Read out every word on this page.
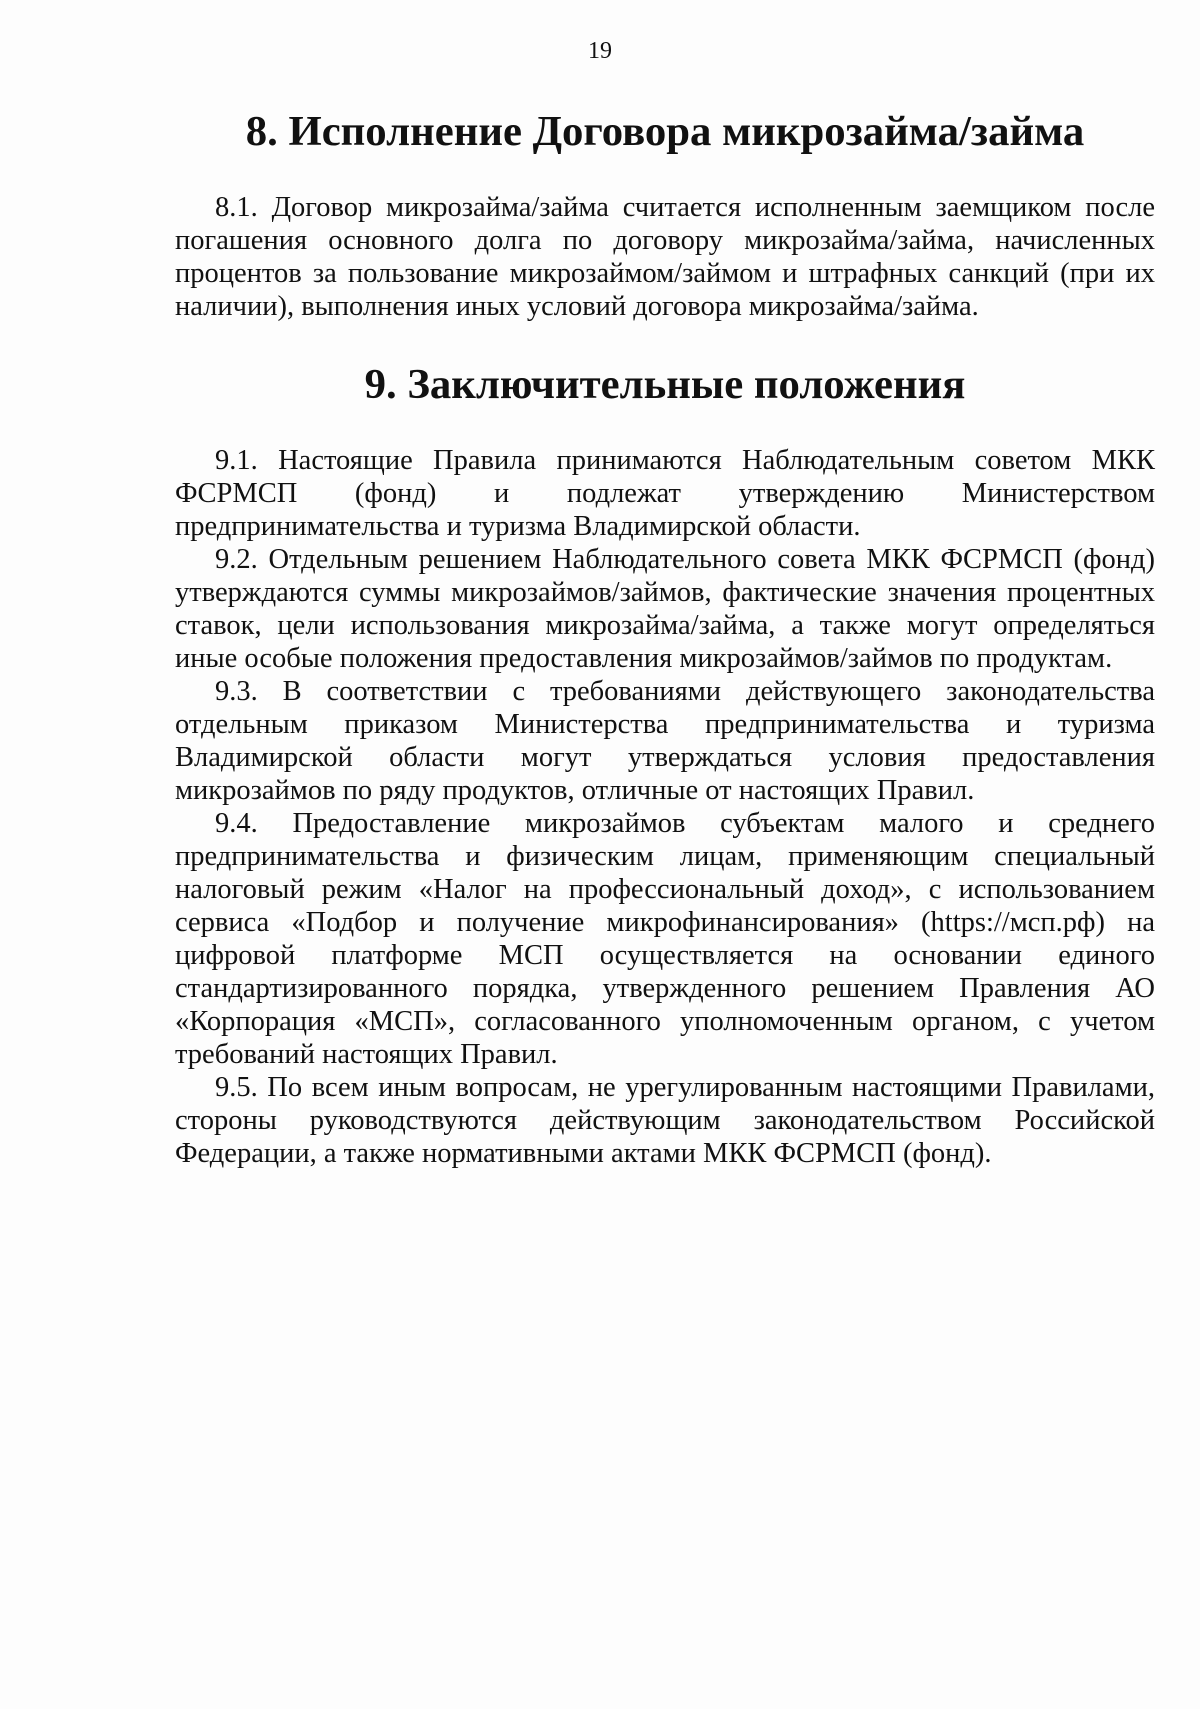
19
8. Исполнение Договора микрозайма/займа

8.1. Договор микрозайма/займа считается исполненным заемщиком после погашения основного долга по договору микрозайма/займа, начисленных процентов за пользование микрозаймом/займом и штрафных санкций (при их наличии), выполнения иных условий договора микрозайма/займа.

9. Заключительные положения

9.1. Настоящие Правила принимаются Наблюдательным советом МКК ФСРМСП (фонд) и подлежат утверждению Министерством предпринимательства и туризма Владимирской области.

9.2. Отдельным решением Наблюдательного совета МКК ФСРМСП (фонд) утверждаются суммы микрозаймов/займов, фактические значения процентных ставок, цели использования микрозайма/займа, а также могут определяться иные особые положения предоставления микрозаймов/займов по продуктам.

9.3. В соответствии с требованиями действующего законодательства отдельным приказом Министерства предпринимательства и туризма Владимирской области могут утверждаться условия предоставления микрозаймов по ряду продуктов, отличные от настоящих Правил.

9.4. Предоставление микрозаймов субъектам малого и среднего предпринимательства и физическим лицам, применяющим специальный налоговый режим «Налог на профессиональный доход», с использованием сервиса «Подбор и получение микрофинансирования» (https://мсп.рф) на цифровой платформе МСП осуществляется на основании единого стандартизированного порядка, утвержденного решением Правления АО «Корпорация «МСП», согласованного уполномоченным органом, с учетом требований настоящих Правил.

9.5. По всем иным вопросам, не урегулированным настоящими Правилами, стороны руководствуются действующим законодательством Российской Федерации, а также нормативными актами МКК ФСРМСП (фонд).
